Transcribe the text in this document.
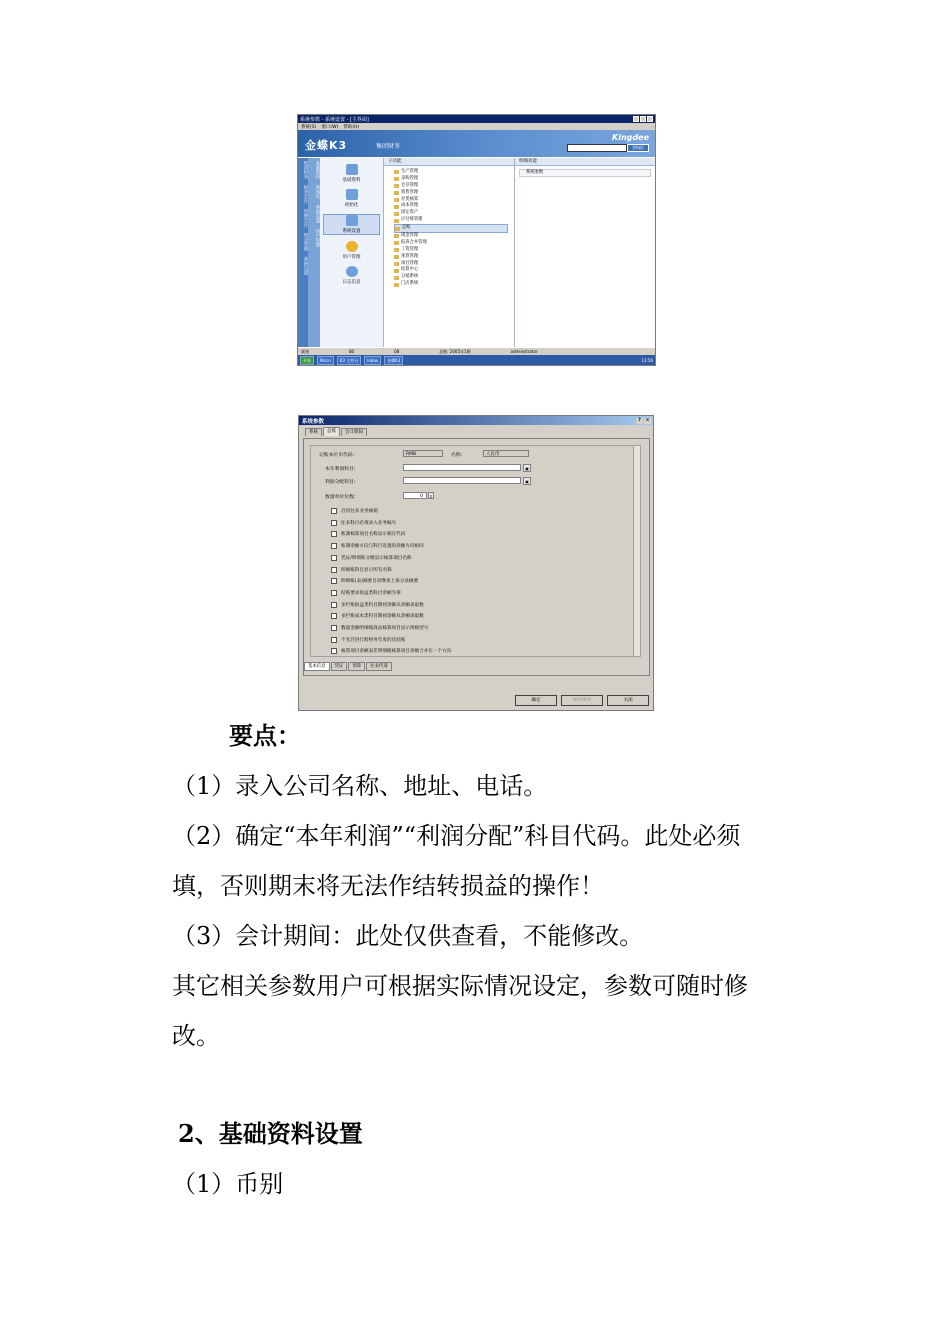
系统参数 - 系统设置 - [主界面]
系统(S) 窗口(W) 帮助(H)
金蝶K3	集团财务
Kingdee
[搜索]
集团财务
财务会计
管理会计
资金管理
系统设置
基础资料
初始化
系统设置
用户管理
基础资料
初始化
系统设置
用户管理
日志信息
子功能
生产管理
采购管理
仓存管理
销售管理
存货核算
成本管理
固定资产
应付账管理
总账
现金管理
报表合并管理
工资管理
预算管理
项目管理
结算中心
分销系统
门店系统
明细功能
系统参数
就绪	80	08	总账: 2005年1期	administrator
开始	Micro	K3 主控台	Inbox	金蝶K3	13:56
系统参数	?	×
系统	总账	会计期间
记账本位币代码:	RMB	名称:	人民币
本年利润科目:	▣
利润分配科目:	▣
数量单价位数:	0	⇕
启用往来业务核销
往来科目必须录入业务编号
账簿核算项目名称显示相应代码
账簿余额方向与科目设置的余额方向相同
凭证/明细账分级显示核算项目名称
明细账科目显示所有名称
明细账(表)摘要自动继承上条分录摘要
结账要求损益类科目余额为零
多栏账损益类科目期初余额从余额表取数
多栏账成本类科目期初余额从余额表取数
数量金额明细账商品核算项目显示规格型号
不允许进行跨财务年度的反结账
核算项目余额表非明细级核算项目余额合并在一个方向
基本信息	凭证	预算	往来传递
确定	保存修改	关闭
要点：
（1）录入公司名称、地址、电话。
（2）确定“本年利润”“利润分配”科目代码。此处必须
填，否则期末将无法作结转损益的操作！
（3）会计期间：此处仅供查看，不能修改。
其它相关参数用户可根据实际情况设定，参数可随时修
改。
2、基础资料设置
（1）币别
